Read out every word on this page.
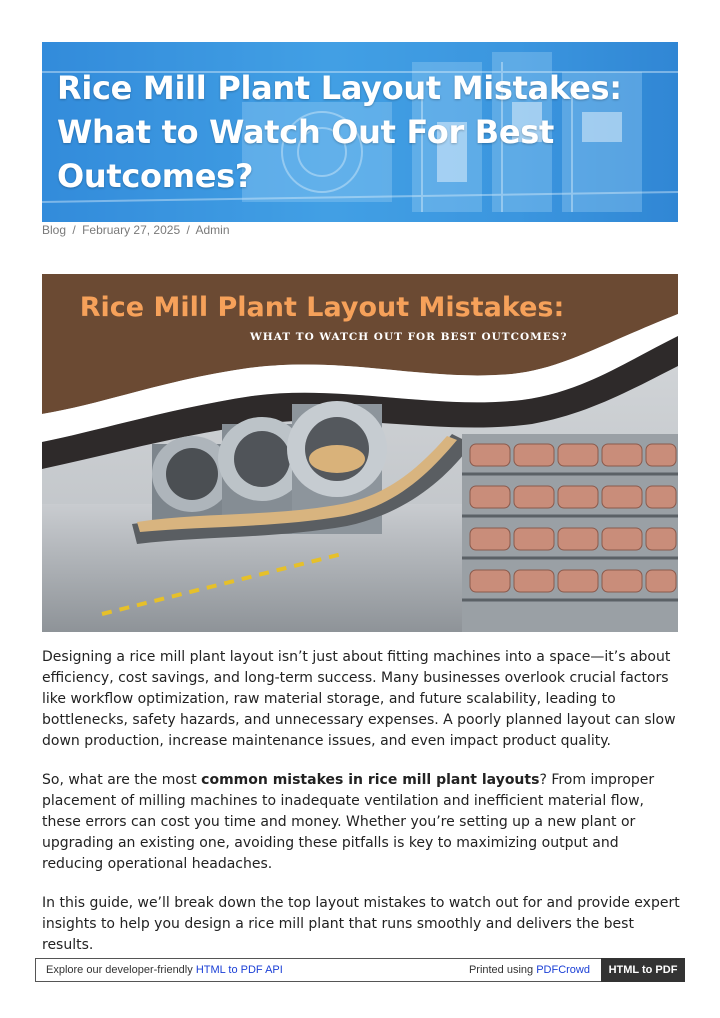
Rice Mill Plant Layout Mistakes: What to Watch Out For Best Outcomes?
Blog / February 27, 2025 / Admin

Rice Mill Plant Layout Mistakes:

WHAT TO WATCH OUT FOR BEST OUTCOMES?

Designing a rice mill plant layout isn’t just about fitting machines into a space—it’s about efficiency, cost savings, and long-term success. Many businesses overlook crucial factors like workflow optimization, raw material storage, and future scalability, leading to bottlenecks, safety hazards, and unnecessary expenses. A poorly planned layout can slow down production, increase maintenance issues, and even impact product quality.

So, what are the most common mistakes in rice mill plant layouts? From improper placement of milling machines to inadequate ventilation and inefficient material flow, these errors can cost you time and money. Whether you’re setting up a new plant or upgrading an existing one, avoiding these pitfalls is key to maximizing output and reducing operational headaches.

In this guide, we’ll break down the top layout mistakes to watch out for and provide expert insights to help you design a rice mill plant that runs smoothly and delivers the best results.

Explore our developer-friendly HTML to PDF API	Printed using PDFCrowd	HTML to PDF
